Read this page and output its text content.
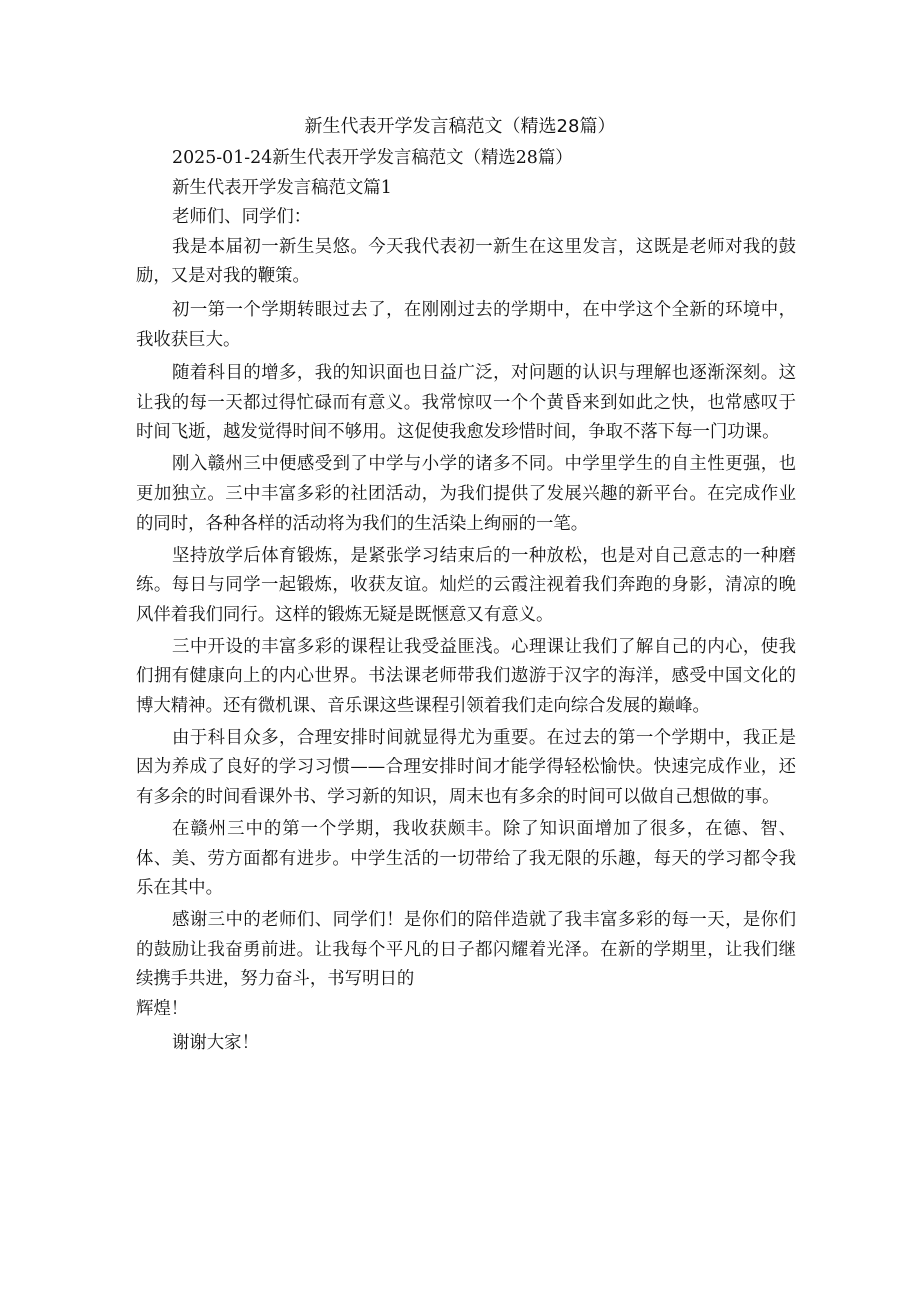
新生代表开学发言稿范文（精选28篇）

2025-01-24新生代表开学发言稿范文（精选28篇）

新生代表开学发言稿范文篇1

老师们、同学们：

我是本届初一新生吴悠。今天我代表初一新生在这里发言，这既是老师对我的鼓励，又是对我的鞭策。

初一第一个学期转眼过去了，在刚刚过去的学期中，在中学这个全新的环境中，我收获巨大。

随着科目的增多，我的知识面也日益广泛，对问题的认识与理解也逐渐深刻。这让我的每一天都过得忙碌而有意义。我常惊叹一个个黄昏来到如此之快，也常感叹于时间飞逝，越发觉得时间不够用。这促使我愈发珍惜时间，争取不落下每一门功课。

刚入赣州三中便感受到了中学与小学的诸多不同。中学里学生的自主性更强，也更加独立。三中丰富多彩的社团活动，为我们提供了发展兴趣的新平台。在完成作业的同时，各种各样的活动将为我们的生活染上绚丽的一笔。

坚持放学后体育锻炼，是紧张学习结束后的一种放松，也是对自己意志的一种磨练。每日与同学一起锻炼，收获友谊。灿烂的云霞注视着我们奔跑的身影，清凉的晚风伴着我们同行。这样的锻炼无疑是既惬意又有意义。

三中开设的丰富多彩的课程让我受益匪浅。心理课让我们了解自己的内心，使我们拥有健康向上的内心世界。书法课老师带我们遨游于汉字的海洋，感受中国文化的博大精神。还有微机课、音乐课这些课程引领着我们走向综合发展的巅峰。

由于科目众多，合理安排时间就显得尤为重要。在过去的第一个学期中，我正是因为养成了良好的学习习惯——合理安排时间才能学得轻松愉快。快速完成作业，还有多余的时间看课外书、学习新的知识，周末也有多余的时间可以做自己想做的事。

在赣州三中的第一个学期，我收获颇丰。除了知识面增加了很多，在德、智、体、美、劳方面都有进步。中学生活的一切带给了我无限的乐趣，每天的学习都令我乐在其中。

感谢三中的老师们、同学们！是你们的陪伴造就了我丰富多彩的每一天，是你们的鼓励让我奋勇前进。让我每个平凡的日子都闪耀着光泽。在新的学期里，让我们继续携手共进，努力奋斗，书写明日的

辉煌！

谢谢大家！
